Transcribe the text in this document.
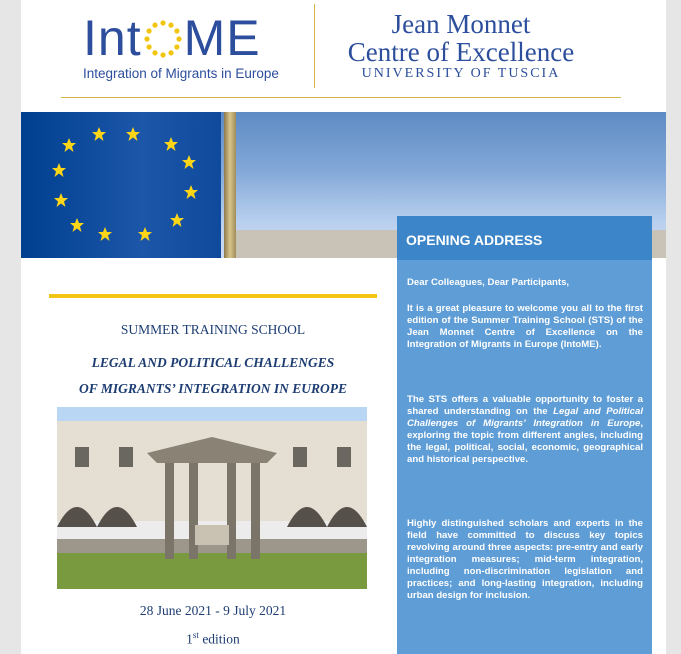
Int ME
Integration of Migrants in Europe
Jean Monnet
Centre of Excellence
UNIVERSITY OF TUSCIA
SUMMER TRAINING SCHOOL
LEGAL AND POLITICAL CHALLENGES
OF MIGRANTS’ INTEGRATION IN EUROPE
28 June 2021 - 9 July 2021
1st edition
OPENING ADDRESS
Dear Colleagues, Dear Participants,
It is a great pleasure to welcome you all to the first edition of the Summer Training School (STS) of the Jean Monnet Centre of Excellence on the Integration of Migrants in Europe (IntoME).
The STS offers a valuable opportunity to foster a shared understanding on the Legal and Political Challenges of Migrants’ Integration in Europe, exploring the topic from different angles, including the legal, political, social, economic, geographical and historical perspective.
Highly distinguished scholars and experts in the field have committed to discuss key topics revolving around three aspects: pre-entry and early integration measures; mid-term integration, including non-discrimination legislation and practices; and long-lasting integration, including urban design for inclusion.
